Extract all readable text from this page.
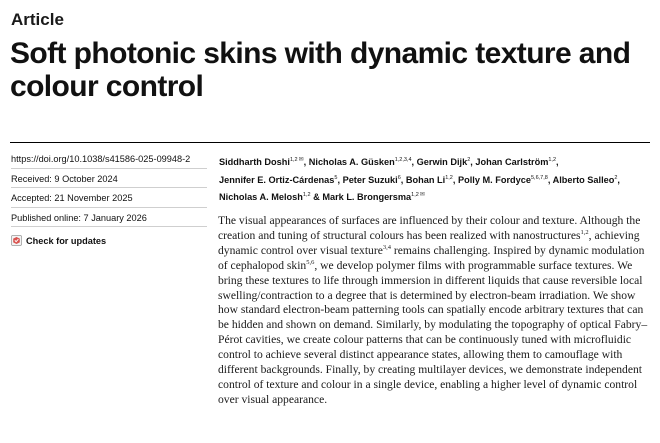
Article
Soft photonic skins with dynamic texture and colour control
https://doi.org/10.1038/s41586-025-09948-2
Received: 9 October 2024
Accepted: 21 November 2025
Published online: 7 January 2026
Check for updates
Siddharth Doshi$^{1,2✉}$, Nicholas A. Güsken$^{1,2,3,4}$, Gerwin Dijk$^2$, Johan Carlström$^{1,2}$,
Jennifer E. Ortiz-Cárdenas$^5$, Peter Suzuki$^6$, Bohan Li$^{1,2}$, Polly M. Fordyce$^{5,6,7,8}$, Alberto Salleo$^2$,
Nicholas A. Melosh$^{1,2}$ & Mark L. Brongersma$^{1,2✉}$

The visual appearances of surfaces are influenced by their colour and texture. Although the creation and tuning of structural colours has been realized with nanostructures$^{1,2}$, achieving dynamic control over visual texture$^{3,4}$ remains challenging. Inspired by dynamic modulation of cephalopod skin$^{5,6}$, we develop polymer films with programmable surface textures. We bring these textures to life through immersion in different liquids that cause reversible local swelling/contraction to a degree that is determined by electron-beam irradiation. We show how standard electron-beam patterning tools can spatially encode arbitrary textures that can be hidden and shown on demand. Similarly, by modulating the topography of optical Fabry–Pérot cavities, we create colour patterns that can be continuously tuned with microfluidic control to achieve several distinct appearance states, allowing them to camouflage with different backgrounds. Finally, by creating multilayer devices, we demonstrate independent control of texture and colour in a single device, enabling a higher level of dynamic control over visual appearance.
